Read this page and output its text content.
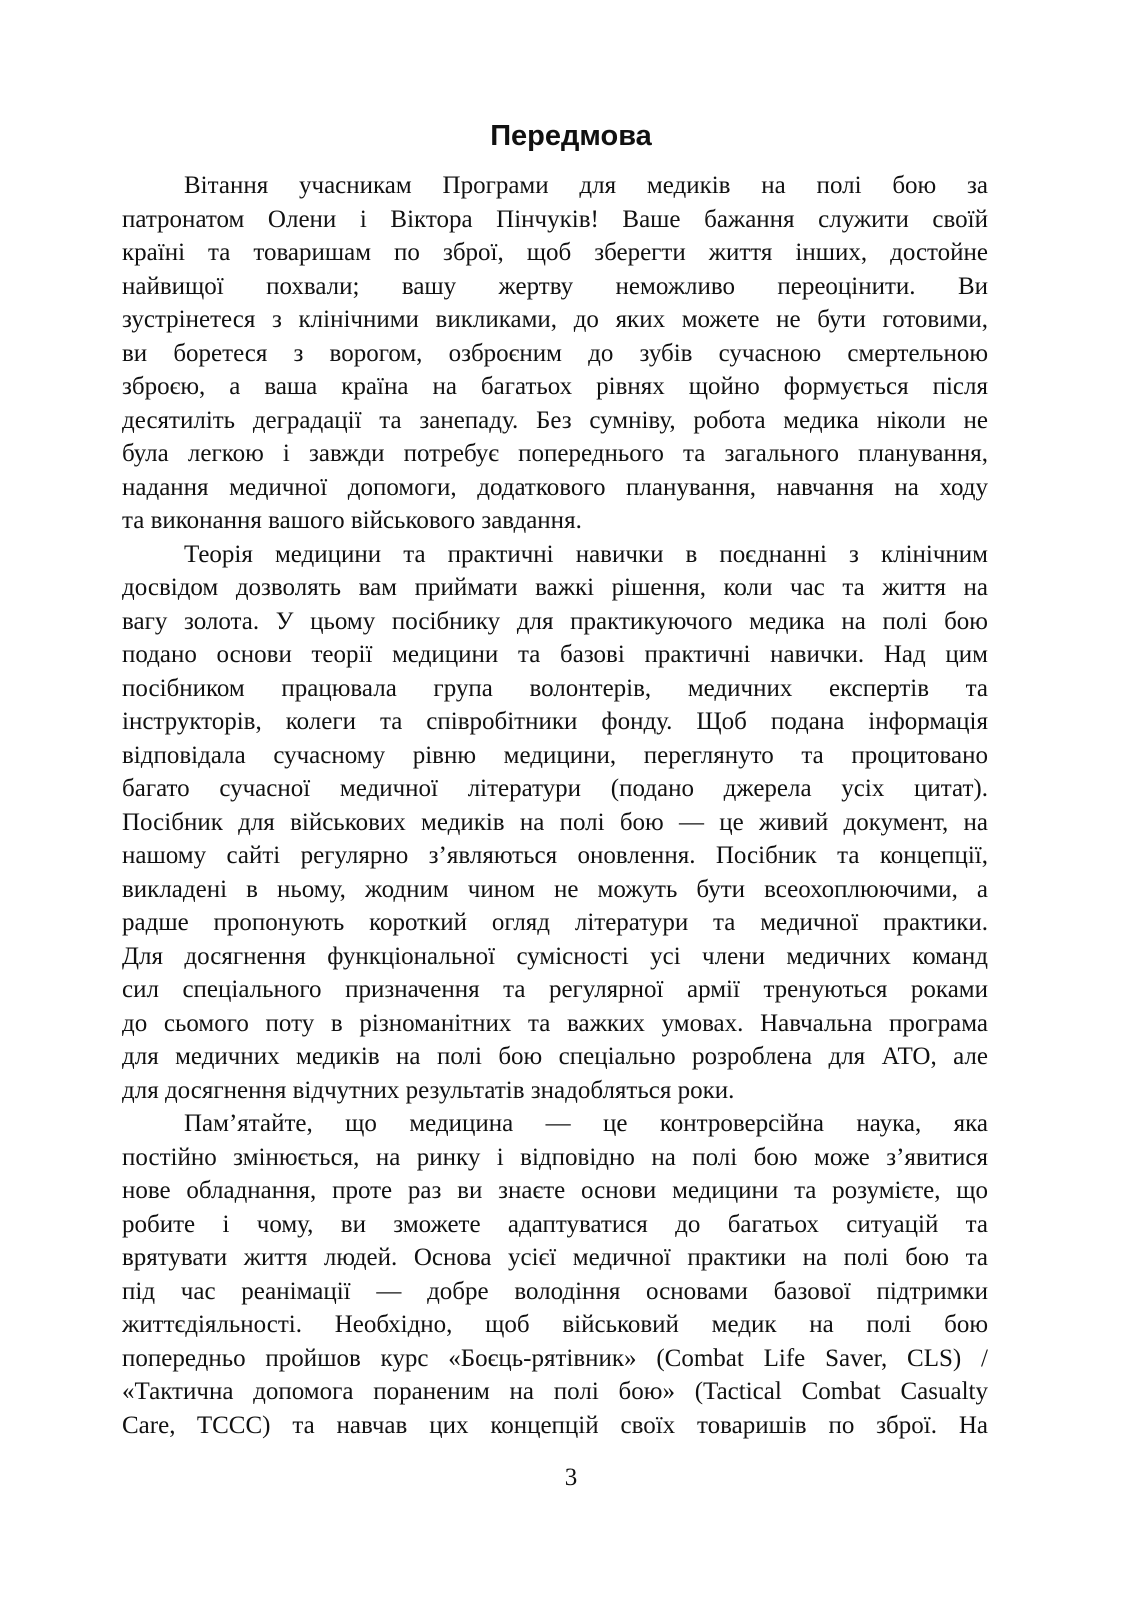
Передмова
Вітання учасникам Програми для медиків на полі бою за
патронатом Олени і Віктора Пінчуків! Ваше бажання служити своїй
країні та товаришам по зброї, щоб зберегти життя інших, достойне
найвищої похвали; вашу жертву неможливо переоцінити. Ви
зустрінетеся з клінічними викликами, до яких можете не бути готовими,
ви боретеся з ворогом, озброєним до зубів сучасною смертельною
зброєю, а ваша країна на багатьох рівнях щойно формується після
десятиліть деградації та занепаду. Без сумніву, робота медика ніколи не
була легкою і завжди потребує попереднього та загального планування,
надання медичної допомоги, додаткового планування, навчання на ходу
та виконання вашого військового завдання.
Теорія медицини та практичні навички в поєднанні з клінічним
досвідом дозволять вам приймати важкі рішення, коли час та життя на
вагу золота. У цьому посібнику для практикуючого медика на полі бою
подано основи теорії медицини та базові практичні навички. Над цим
посібником працювала група волонтерів, медичних експертів та
інструкторів, колеги та співробітники фонду. Щоб подана інформація
відповідала сучасному рівню медицини, переглянуто та процитовано
багато сучасної медичної літератури (подано джерела усіх цитат).
Посібник для військових медиків на полі бою — це живий документ, на
нашому сайті регулярно з’являються оновлення. Посібник та концепції,
викладені в ньому, жодним чином не можуть бути всеохоплюючими, а
радше пропонують короткий огляд літератури та медичної практики.
Для досягнення функціональної сумісності усі члени медичних команд
сил спеціального призначення та регулярної армії тренуються роками
до сьомого поту в різноманітних та важких умовах. Навчальна програма
для медичних медиків на полі бою спеціально розроблена для АТО, але
для досягнення відчутних результатів знадобляться роки.
Пам’ятайте, що медицина — це контроверсійна наука, яка
постійно змінюється, на ринку і відповідно на полі бою може з’явитися
нове обладнання, проте раз ви знаєте основи медицини та розумієте, що
робите і чому, ви зможете адаптуватися до багатьох ситуацій та
врятувати життя людей. Основа усієї медичної практики на полі бою та
під час реанімації — добре володіння основами базової підтримки
життєдіяльності. Необхідно, щоб військовий медик на полі бою
попередньо пройшов курс «Боєць-рятівник» (Combat Life Saver, CLS) /
«Тактична допомога пораненим на полі бою» (Tactical Combat Casualty
Care, TCCC) та навчав цих концепцій своїх товаришів по зброї. На
3
